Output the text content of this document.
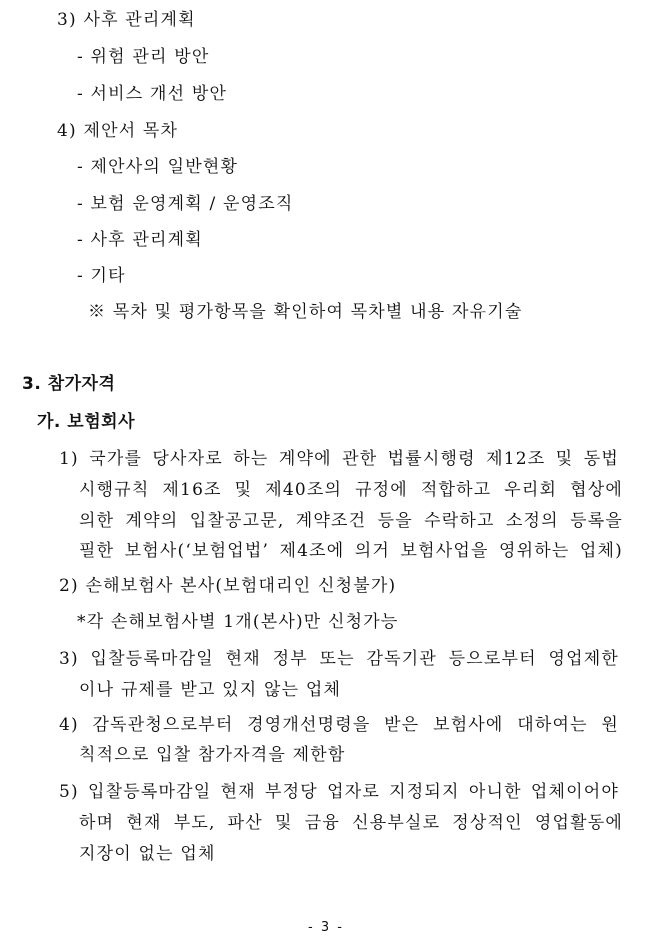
3) 사후 관리계획
- 위험 관리 방안
- 서비스 개선 방안
4) 제안서 목차
- 제안사의 일반현황
- 보험 운영계획 / 운영조직
- 사후 관리계획
- 기타
※ 목차 및 평가항목을 확인하여 목차별 내용 자유기술
3. 참가자격
가. 보험회사
1) 국가를 당사자로 하는 계약에 관한 법률시행령 제12조 및 동법
시행규칙 제16조 및 제40조의 규정에 적합하고 우리회 협상에
의한 계약의 입찰공고문, 계약조건 등을 수락하고 소정의 등록을
필한 보험사(‘보험업법’ 제4조에 의거 보험사업을 영위하는 업체)
2) 손해보험사 본사(보험대리인 신청불가)
*각 손해보험사별 1개(본사)만 신청가능
3) 입찰등록마감일 현재 정부 또는 감독기관 등으로부터 영업제한
이나 규제를 받고 있지 않는 업체
4) 감독관청으로부터 경영개선명령을 받은 보험사에 대하여는 원
칙적으로 입찰 참가자격을 제한함
5) 입찰등록마감일 현재 부정당 업자로 지정되지 아니한 업체이어야
하며 현재 부도, 파산 및 금융 신용부실로 정상적인 영업활동에
지장이 없는 업체
- 3 -
